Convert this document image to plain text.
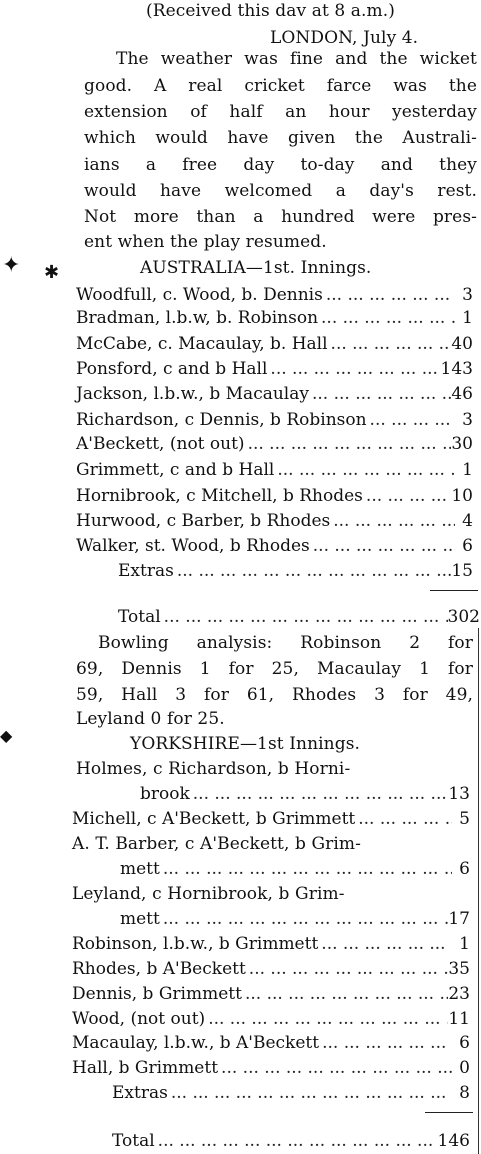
(Received this dav at 8 a.m.)
LONDON, July 4.
The weather was fine and the wicket
good. A real cricket farce was the
extension of half an hour yesterday
which would have given the Australi-
ians a free day to-day and they
would have welcomed a day's rest.
Not more than a hundred were pres-
ent when the play resumed.
✦ ✱
◆
AUSTRALIA—1st. Innings.
Woodfull, c. Wood, b. Dennis ... .	3
Bradman, l.b.w, b. Robinson ... .	1
McCabe, c. Macaulay, b. Hall ... .	40
Ponsford, c and b Hall ... .	143
Jackson, l.b.w., b Macaulay ... .	46
Richardson, c Dennis, b Robinson ... .	3
A'Beckett, (not out) ... .	30
Grimmett, c and b Hall ... .	1
Hornibrook, c Mitchell, b Rhodes ... .	10
Hurwood, c Barber, b Rhodes ... .	4
Walker, st. Wood, b Rhodes ... .	6
Extras ... .	15
Total ... .	302
Bowling analysis: Robinson 2 for
69, Dennis 1 for 25, Macaulay 1 for
59, Hall 3 for 61, Rhodes 3 for 49,
Leyland 0 for 25.
YORKSHIRE—1st Innings.
Holmes, c Richardson, b Horni-
brook ... .	13
Michell, c A'Beckett, b Grimmett ... .	5
A. T. Barber, c A'Beckett, b Grim-
mett ... .	6
Leyland, c Hornibrook, b Grim-
mett ... .	17
Robinson, l.b.w., b Grimmett ... .	1
Rhodes, b A'Beckett ... .	35
Dennis, b Grimmett ... .	23
Wood, (not out) ... .	11
Macaulay, l.b.w., b A'Beckett ... .	6
Hall, b Grimmett ... .	0
Extras ... .	8
Total ... .	146
